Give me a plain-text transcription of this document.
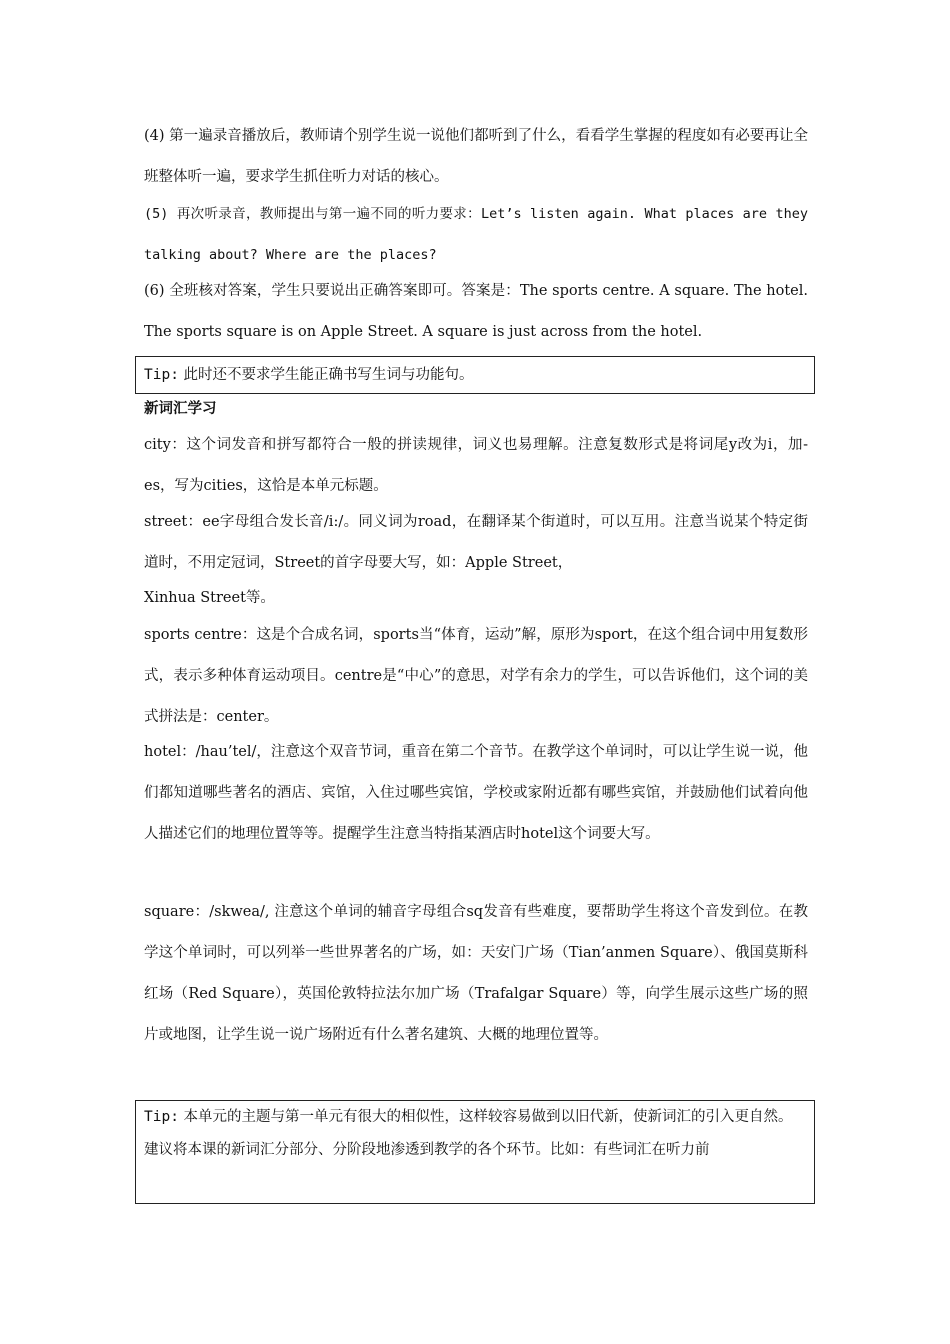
(4) 第一遍录音播放后，教师请个别学生说一说他们都听到了什么，看看学生掌握的程度如有必要再让全班整体听一遍，要求学生抓住听力对话的核心。

(5) 再次听录音，教师提出与第一遍不同的听力要求：Let’s listen again. What places are they talking about? Where are the places?

(6) 全班核对答案，学生只要说出正确答案即可。答案是：The sports centre. A square. The hotel. The sports square is on Apple Street. A square is just across from the hotel.

Tip: 此时还不要求学生能正确书写生词与功能句。

新词汇学习

city：这个词发音和拼写都符合一般的拼读规律，词义也易理解。注意复数形式是将词尾y改为i，加-es，写为cities，这恰是本单元标题。

street：ee字母组合发长音/i:/。同义词为road，在翻译某个街道时，可以互用。注意当说某个特定街道时，不用定冠词，Street的首字母要大写，如：Apple Street，

Xinhua Street等。

sports centre：这是个合成名词，sports当“体育，运动”解，原形为sport，在这个组合词中用复数形式，表示多种体育运动项目。centre是“中心”的意思，对学有余力的学生，可以告诉他们，这个词的美式拼法是：center。

hotel：/hau’tel/，注意这个双音节词，重音在第二个音节。在教学这个单词时，可以让学生说一说，他们都知道哪些著名的酒店、宾馆，入住过哪些宾馆，学校或家附近都有哪些宾馆，并鼓励他们试着向他人描述它们的地理位置等等。提醒学生注意当特指某酒店时hotel这个词要大写。

square：/skwea/, 注意这个单词的辅音字母组合sq发音有些难度，要帮助学生将这个音发到位。在教学这个单词时，可以列举一些世界著名的广场，如：天安门广场（Tian’anmen Square）、俄国莫斯科红场（Red Square），英国伦敦特拉法尔加广场（Trafalgar Square）等，向学生展示这些广场的照片或地图，让学生说一说广场附近有什么著名建筑、大概的地理位置等。

Tip: 本单元的主题与第一单元有很大的相似性，这样较容易做到以旧代新，使新词汇的引入更自然。

建议将本课的新词汇分部分、分阶段地渗透到教学的各个环节。比如：有些词汇在听力前
